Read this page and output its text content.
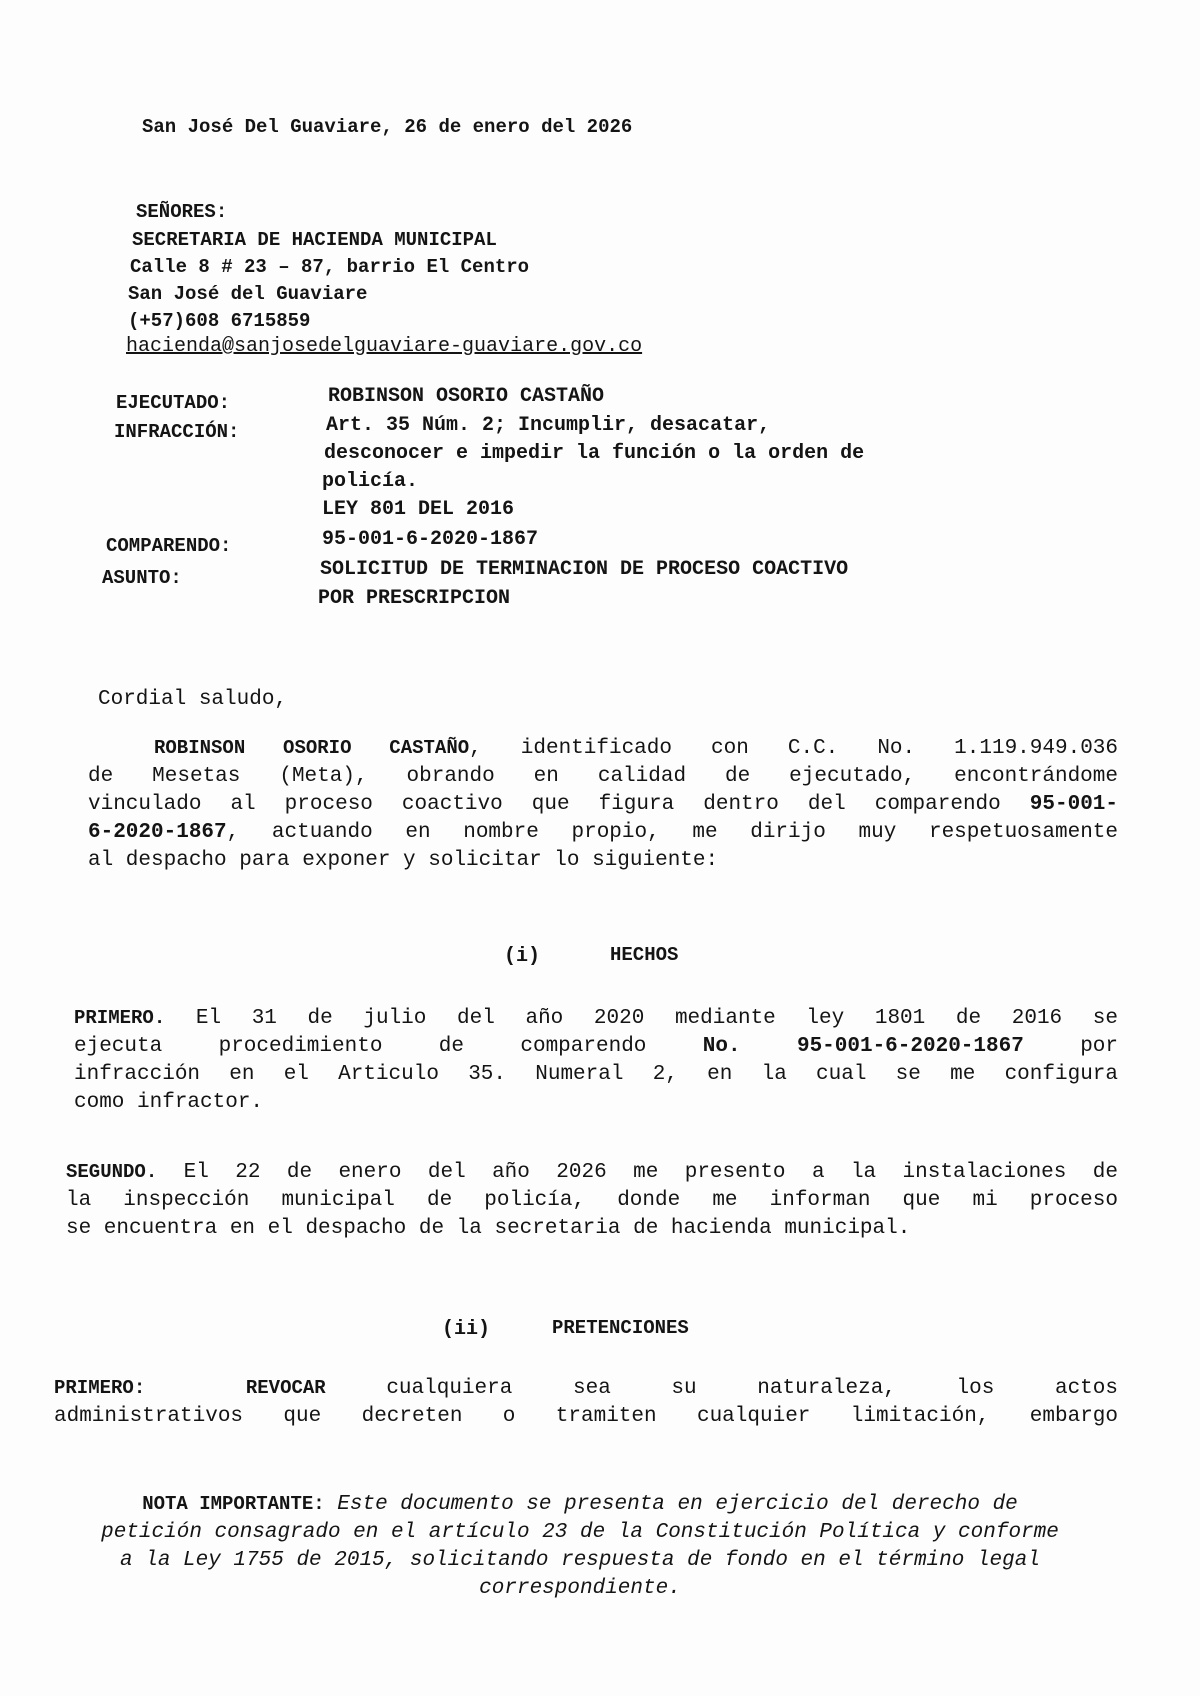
San José Del Guaviare, 26 de enero del 2026
SEÑORES:
SECRETARIA DE HACIENDA MUNICIPAL
Calle 8 # 23 – 87, barrio El Centro
San José del Guaviare
(+57)608 6715859
hacienda@sanjosedelguaviare-guaviare.gov.co
EJECUTADO:	ROBINSON OSORIO CASTAÑO
INFRACCIÓN:	Art. 35 Núm. 2; Incumplir, desacatar,
desconocer e impedir la función o la orden de
policía.
LEY 801 DEL 2016
COMPARENDO:	95-001-6-2020-1867
ASUNTO:	SOLICITUD DE TERMINACION DE PROCESO COACTIVO
POR PRESCRIPCION
Cordial saludo,
ROBINSON OSORIO CASTAÑO, identificado con C.C. No. 1.119.949.036
de Mesetas (Meta), obrando en calidad de ejecutado, encontrándome
vinculado al proceso coactivo que figura dentro del comparendo 95-001-
6-2020-1867, actuando en nombre propio, me dirijo muy respetuosamente
al despacho para exponer y solicitar lo siguiente:
(i)	HECHOS
PRIMERO. El 31 de julio del año 2020 mediante ley 1801 de 2016 se
ejecuta procedimiento de comparendo No. 95-001-6-2020-1867 por
infracción en el Articulo 35. Numeral 2, en la cual se me configura
como infractor.
SEGUNDO. El 22 de enero del año 2026 me presento a la instalaciones de
la inspección municipal de policía, donde me informan que mi proceso
se encuentra en el despacho de la secretaria de hacienda municipal.
(ii)	PRETENCIONES
PRIMERO:	REVOCAR cualquiera sea su naturaleza, los actos
administrativos que decreten o tramiten cualquier limitación, embargo
NOTA IMPORTANTE: Este documento se presenta en ejercicio del derecho de
petición consagrado en el artículo 23 de la Constitución Política y conforme
a la Ley 1755 de 2015, solicitando respuesta de fondo en el término legal
correspondiente.
